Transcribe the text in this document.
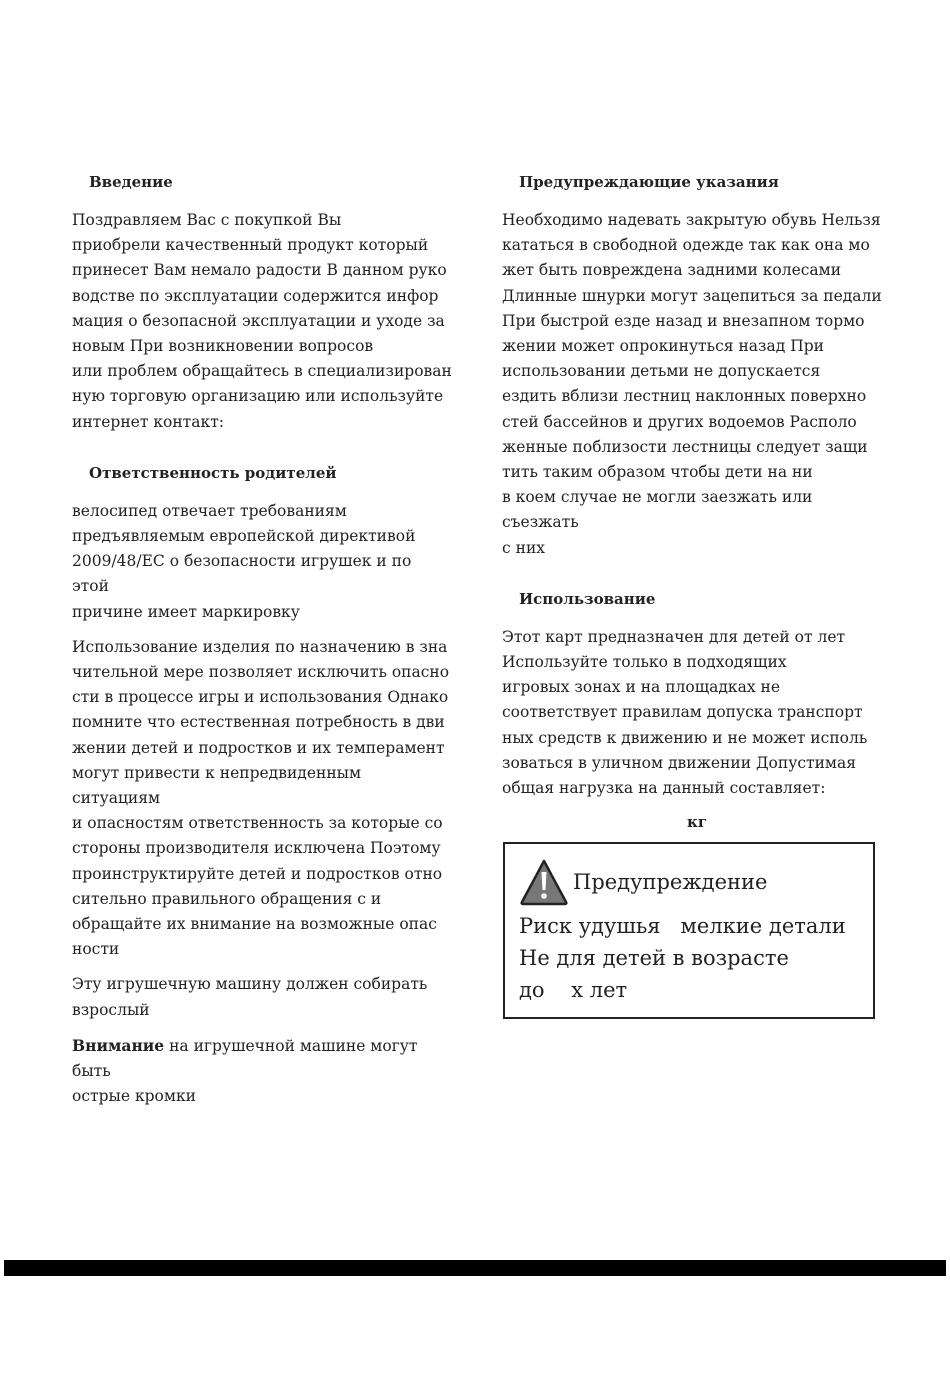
Введение

Поздравляем Вас с покупкой Вы
приобрели качественный продукт который
принесет Вам немало радости В данном руко
водстве по эксплуатации содержится инфор
мация о безопасной эксплуатации и уходе за
новым При возникновении вопросов
или проблем обращайтесь в специализирован
ную торговую организацию или используйте
интернет контакт:

Ответственность родителей

велосипед отвечает требованиям
предъявляемым европейской директивой
2009/48/ЕС о безопасности игрушек и по этой
причине имеет маркировку

Использование изделия по назначению в зна
чительной мере позволяет исключить опасно
сти в процессе игры и использования Однако
помните что естественная потребность в дви
жении детей и подростков и их темперамент
могут привести к непредвиденным ситуациям
и опасностям ответственность за которые со
стороны производителя исключена Поэтому
проинструктируйте детей и подростков отно
сительно правильного обращения с и
обращайте их внимание на возможные опас
ности

Эту игрушечную машину должен собирать
взрослый

Внимание на игрушечной машине могут быть
острые кромки

Предупреждающие указания

Необходимо надевать закрытую обувь Нельзя
кататься в свободной одежде так как она мо
жет быть повреждена задними колесами
Длинные шнурки могут зацепиться за педали
При быстрой езде назад и внезапном тормо
жении может опрокинуться назад При
использовании детьми не допускается
ездить вблизи лестниц наклонных поверхно
стей бассейнов и других водоемов Располо
женные поблизости лестницы следует защи
тить таким образом чтобы дети на ни
в коем случае не могли заезжать или съезжать
с них

Использование

Этот карт предназначен для детей от лет
Используйте только в подходящих
игровых зонах и на площадках не
соответствует правилам допуска транспорт
ных средств к движению и не может исполь
зоваться в уличном движении Допустимая
общая нагрузка на данный составляет:

кг
Предупреждение
Риск удушья   мелкие детали
Не для детей в возрасте
до    х лет
